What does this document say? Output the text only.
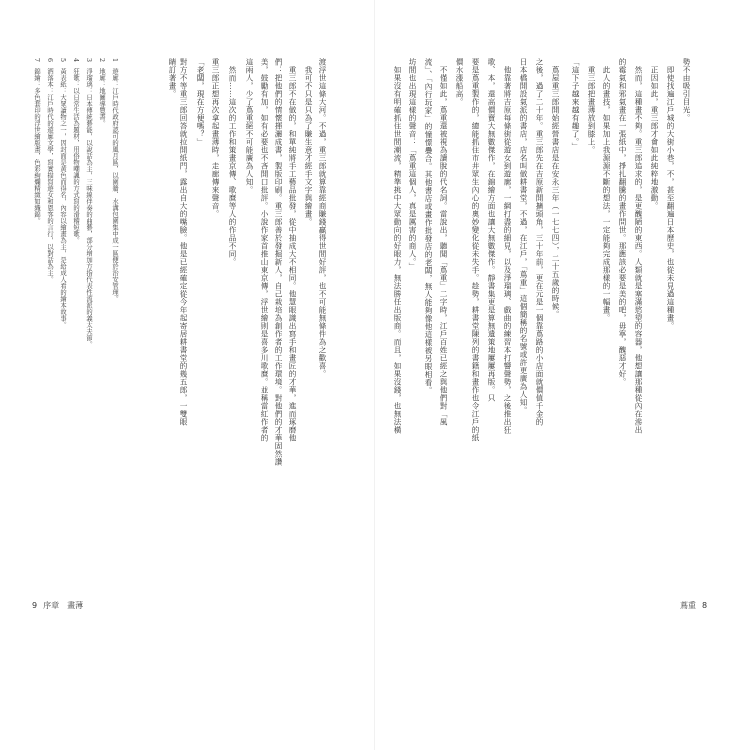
睛訂著畫。 對方不等重三郎回答就拉開紙門，露出自大的嘴臉。他是已經確定從今年起寄居耕書堂的幾五郎，一雙眼 「老闆，現在方便嗎？」 重三郎正想再次拿起畫薄時，走廊傳來聲音。 　然而……這次的工作和策畫京傳、歌麿等人的作品不同。 這兩人，少了蔦重絕不可能廣為人知。 美，鼓勵有加，如有必要也不吝開口批評。小說作家首推山東京傳，浮世繪則是喜多川歌麿。並稱當紅作者的 們：把他們的情懷揮灑成書，製版印刷。重三郎善於發掘新人，自己栽培為創作者的工作環境。對他們的才華固然讚 　重三郎不在做的，和單純將手工藝品批發，從中抽成大不相同。他慧眼識出寫手和畫匠的才華，進而琢磨他 　我可不只是只為了賺生意才經手文字與繪畫。 渡浮世這條大河。不過，重三郎就算靠經商賺錢贏得世間好評，也不可能無條件為之歡喜。
7
錦繪：多色套印的浮世繪版畫，色彩絢爛精緻如織錦。
6
洒落本：江戶時代的遊廓文學，寫實描寫遊女和恩客的言行，以對話為主。
5
黃表紙：大眾讀物之一，因封面是黃色而得名，內容以繪畫為主，是給成人看的繪本故事。
4
狂歌：以日常生活為題材，用俗物嘲諷的方式寫的滑稽短歌。
3
淨瑠璃：日本傳統藝能，以說話為主，三味線伴奏的曲藝，部分增加方指代表性流派的義太夫節。
2
地廓：地圖導覽書。
1
遊廓：江戶時代政府認可的風月區，以圍牆、水溝包圍集中成一區便於治安管理。
9 序章　畫薄
　如果沒有明確抓住世間潮流，精準挑中大眾動向的好眼力，無法勝任出版商。而且，如果沒錢，也無法橫 坊間也出現這樣的聲音：「蔦重這個人，真是厲害的商人。」 流」、「內行玩家」的憧憬疊合。其他書店或畫作批發店的老闆，無人能夠像他這樣被另眼相看。 　不僅如此，蔦重還被視為讀脫的代名詞。當說出，聽聞「蔦重」二字時，江戶百姓已經之與他們對「風 價水漲船高。 要是蔦重製作的，總能抓住市井眾生內心的奧妙變化從未失手。趁勢，耕書堂陳列的書籍和畫作也令江戶的紙 歌、本，還高價賣大無數傑作，在錦繪方面也讓大無數傑作。靜書集更是算無遺策地屢屢再版。只 　他靠著將吉原每條街從遊女到遊廓，一網打盡的細見，以及淨瑠璃、戲曲的練習本打響聲勢，之後推出狂 日本橋開設氣派的書店，店名叫做耕書堂，不過，在江戶，「蔦重」這個簡稱的名號或許更廣為人知。 之後，過了二十年。重三郎先在吉原新開擴頭角，三十年前，更在元是一個靠蔦路的小店面就價值千金的 　蔦屋重三郎開始經營書店是在安永三年（一七七四），二十五歲的時候。 「這下子越來越有趣了。」 　重三郎把畫薄放到膝上。 　此人的畫技，如果加上我源源不斷的想法，一定能夠完成那樣的一幅畫。 的霉氣和邪氣畫在一張紙中，掙扎翻騰的畫作問世。那應該必要是美的吧，毋寧，醜惡才好。 　然而，這種畫不夠。重三郎追求的，是更醜陋的東西。人類就是塞滿慾望的容器，他想讓那種從內在滲出 　正因如此，重三郎才會如此純粹地激動。 　即使找遍江戶城的大街小巷，不，甚至翻遍日本歷史，也從未見過這種畫。 勢不由吸引目光。
蔦重 8
